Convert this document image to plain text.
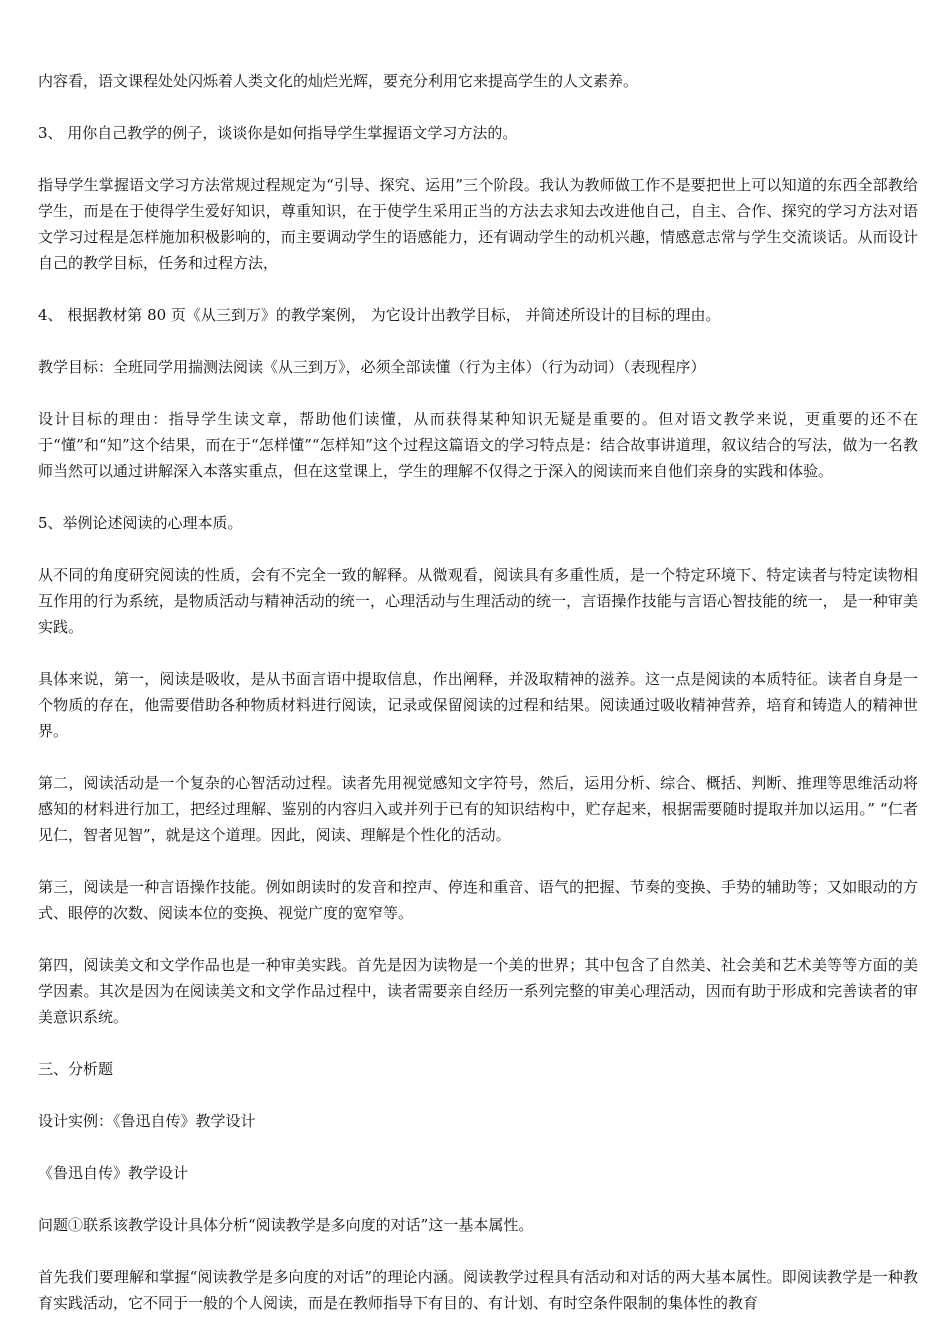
内容看，语文课程处处闪烁着人类文化的灿烂光辉，要充分利用它来提高学生的人文素养。

3、 用你自己教学的例子，谈谈你是如何指导学生掌握语文学习方法的。

指导学生掌握语文学习方法常规过程规定为“引导、探究、运用”三个阶段。我认为教师做工作不是要把世上可以知道的东西全部教给学生，而是在于使得学生爱好知识，尊重知识，在于使学生采用正当的方法去求知去改进他自己，自主、合作、探究的学习方法对语文学习过程是怎样施加积极影响的，而主要调动学生的语感能力，还有调动学生的动机兴趣，情感意志常与学生交流谈话。从而设计自己的教学目标，任务和过程方法，

4、 根据教材第 80 页《从三到万》的教学案例， 为它设计出教学目标， 并简述所设计的目标的理由。

教学目标：全班同学用揣测法阅读《从三到万》，必须全部读懂（行为主体）（行为动词）（表现程序）

设计目标的理由：指导学生读文章，帮助他们读懂，从而获得某种知识无疑是重要的。但对语文教学来说，更重要的还不在于“懂”和“知”这个结果，而在于“怎样懂”“怎样知”这个过程这篇语文的学习特点是：结合故事讲道理，叙议结合的写法，做为一名教师当然可以通过讲解深入本落实重点，但在这堂课上，学生的理解不仅得之于深入的阅读而来自他们亲身的实践和体验。

5、举例论述阅读的心理本质。

从不同的角度研究阅读的性质，会有不完全一致的解释。从微观看，阅读具有多重性质，是一个特定环境下、特定读者与特定读物相互作用的行为系统，是物质活动与精神活动的统一，心理活动与生理活动的统一，言语操作技能与言语心智技能的统一， 是一种审美实践。

具体来说，第一，阅读是吸收，是从书面言语中提取信息，作出阐释，并汲取精神的滋养。这一点是阅读的本质特征。读者自身是一个物质的存在，他需要借助各种物质材料进行阅读，记录或保留阅读的过程和结果。阅读通过吸收精神营养，培育和铸造人的精神世界。

第二，阅读活动是一个复杂的心智活动过程。读者先用视觉感知文字符号，然后，运用分析、综合、概括、判断、推理等思维活动将感知的材料进行加工，把经过理解、鉴别的内容归入或并列于已有的知识结构中，贮存起来，根据需要随时提取并加以运用。” “仁者见仁，智者见智”，就是这个道理。因此，阅读、理解是个性化的活动。

第三，阅读是一种言语操作技能。例如朗读时的发音和控声、停连和重音、语气的把握、节奏的变换、手势的辅助等；又如眼动的方式、眼停的次数、阅读本位的变换、视觉广度的宽窄等。

第四，阅读美文和文学作品也是一种审美实践。首先是因为读物是一个美的世界；其中包含了自然美、社会美和艺术美等等方面的美学因素。其次是因为在阅读美文和文学作品过程中，读者需要亲自经历一系列完整的审美心理活动，因而有助于形成和完善读者的审美意识系统。

三、分析题

设计实例：《鲁迅自传》教学设计

《鲁迅自传》教学设计

问题①联系该教学设计具体分析“阅读教学是多向度的对话”这一基本属性。

首先我们要理解和掌握“阅读教学是多向度的对话”的理论内涵。阅读教学过程具有活动和对话的两大基本属性。即阅读教学是一种教育实践活动，它不同于一般的个人阅读，而是在教师指导下有目的、有计划、有时空条件限制的集体性的教育
